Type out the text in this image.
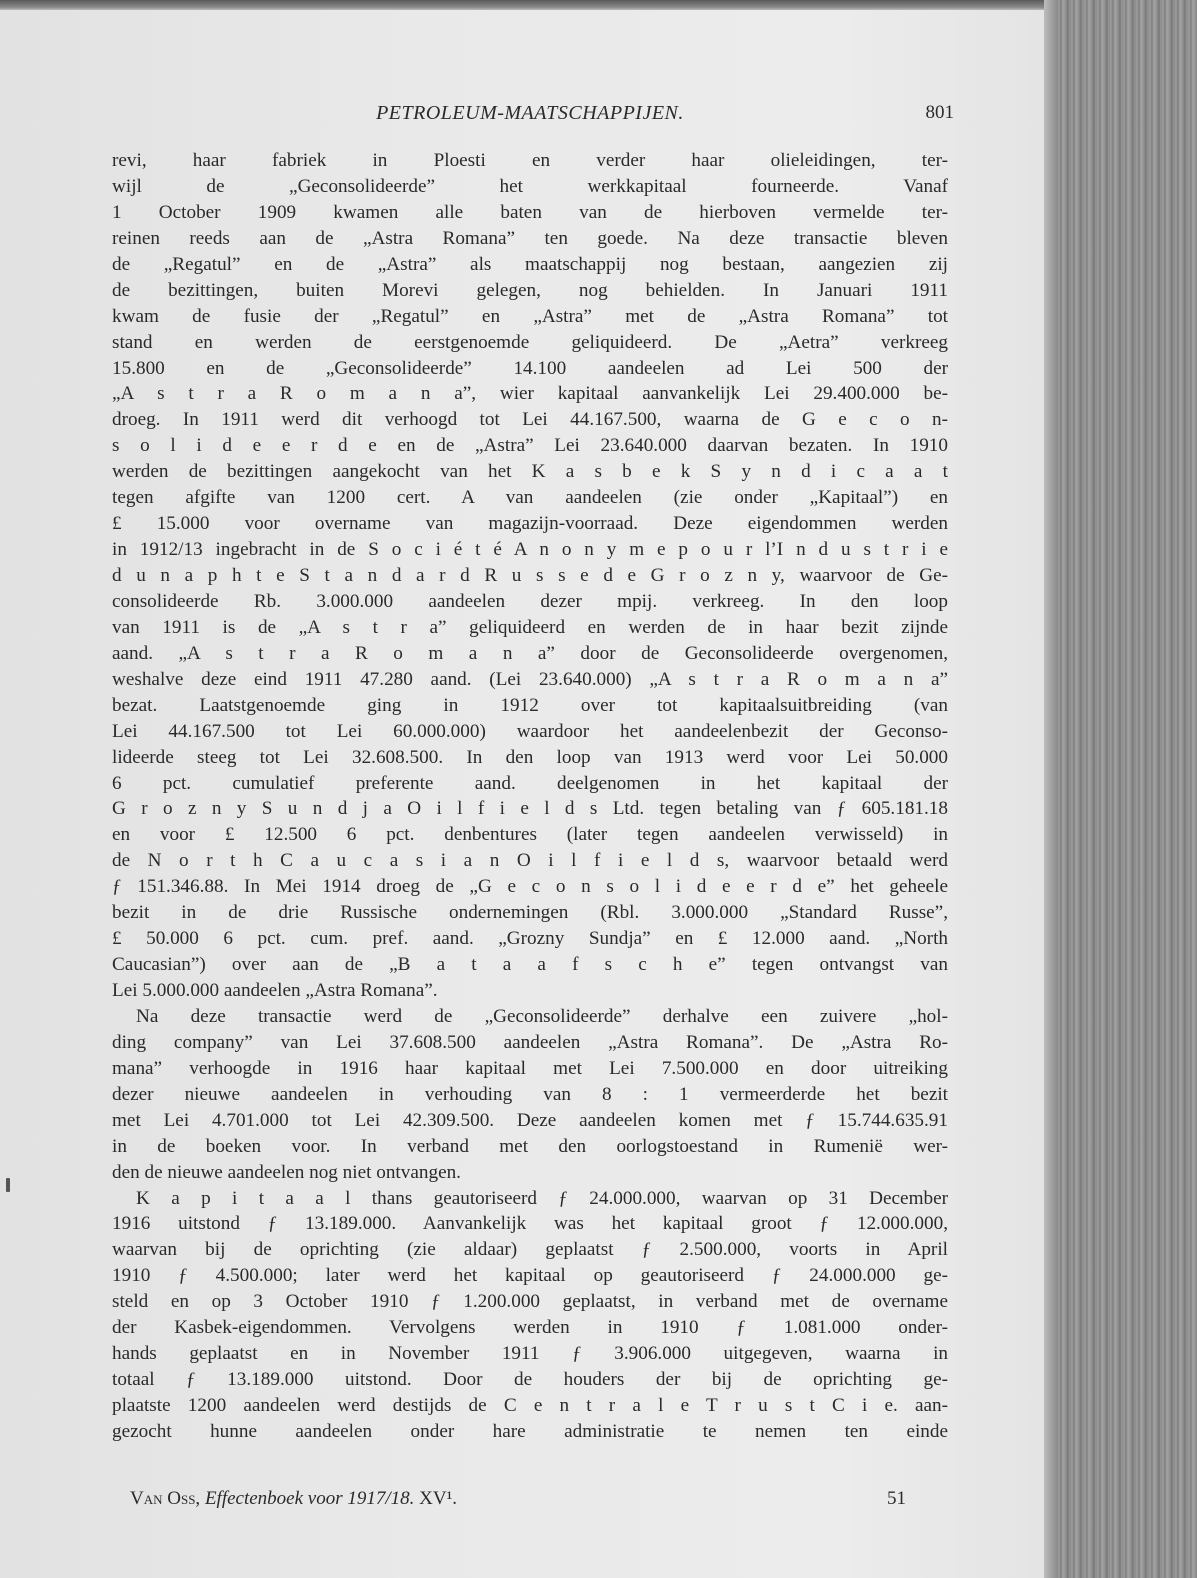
PETROLEUM-MAATSCHAPPIJEN.	801
revi, haar fabriek in Ploesti en verder haar olieleidingen, ter-
wijl de „Geconsolideerde” het werkkapitaal fourneerde. Vanaf
1 October 1909 kwamen alle baten van de hierboven vermelde ter-
reinen reeds aan de „Astra Romana” ten goede. Na deze transactie bleven
de „Regatul” en de „Astra” als maatschappij nog bestaan, aangezien zij
de bezittingen, buiten Morevi gelegen, nog behielden. In Januari 1911
kwam de fusie der „Regatul” en „Astra” met de „Astra Romana” tot
stand en werden de eerstgenoemde geliquideerd. De „Aetra” verkreeg
15.800 en de „Geconsolideerde” 14.100 aandeelen ad Lei 500 der
„A s t r a R o m a n a”, wier kapitaal aanvankelijk Lei 29.400.000 be-
droeg. In 1911 werd dit verhoogd tot Lei 44.167.500, waarna de G e c o n-
s o l i d e e r d e en de „Astra” Lei 23.640.000 daarvan bezaten. In 1910
werden de bezittingen aangekocht van het K a s b e k S y n d i c a a t
tegen afgifte van 1200 cert. A van aandeelen (zie onder „Kapitaal”) en
£ 15.000 voor overname van magazijn-voorraad. Deze eigendommen werden
in 1912/13 ingebracht in de S o c i é t é A n o n y m e p o u r l’I n d u s t r i e
d u n a p h t e S t a n d a r d R u s s e d e G r o z n y, waarvoor de Ge-
consolideerde Rb. 3.000.000 aandeelen dezer mpij. verkreeg. In den loop
van 1911 is de „A s t r a” geliquideerd en werden de in haar bezit zijnde
aand. „A s t r a R o m a n a” door de Geconsolideerde overgenomen,
weshalve deze eind 1911 47.280 aand. (Lei 23.640.000) „A s t r a R o m a n a”
bezat. Laatstgenoemde ging in 1912 over tot kapitaalsuitbreiding (van
Lei 44.167.500 tot Lei 60.000.000) waardoor het aandeelenbezit der Geconso-
lideerde steeg tot Lei 32.608.500. In den loop van 1913 werd voor Lei 50.000
6 pct. cumulatief preferente aand. deelgenomen in het kapitaal der
G r o z n y S u n d j a O i l f i e l d s Ltd. tegen betaling van ƒ 605.181.18
en voor £ 12.500 6 pct. denbentures (later tegen aandeelen verwisseld) in
de N o r t h C a u c a s i a n O i l f i e l d s, waarvoor betaald werd
ƒ 151.346.88. In Mei 1914 droeg de „G e c o n s o l i d e e r d e” het geheele
bezit in de drie Russische ondernemingen (Rbl. 3.000.000 „Standard Russe”,
£ 50.000 6 pct. cum. pref. aand. „Grozny Sundja” en £ 12.000 aand. „North
Caucasian”) over aan de „B a t a a f s c h e” tegen ontvangst van
Lei 5.000.000 aandeelen „Astra Romana”.
Na deze transactie werd de „Geconsolideerde” derhalve een zuivere „hol-
ding company” van Lei 37.608.500 aandeelen „Astra Romana”. De „Astra Ro-
mana” verhoogde in 1916 haar kapitaal met Lei 7.500.000 en door uitreiking
dezer nieuwe aandeelen in verhouding van 8 : 1 vermeerderde het bezit
met Lei 4.701.000 tot Lei 42.309.500. Deze aandeelen komen met ƒ 15.744.635.91
in de boeken voor. In verband met den oorlogstoestand in Rumenië wer-
den de nieuwe aandeelen nog niet ontvangen.
K a p i t a a l thans geautoriseerd ƒ 24.000.000, waarvan op 31 December
1916 uitstond ƒ 13.189.000. Aanvankelijk was het kapitaal groot ƒ 12.000.000,
waarvan bij de oprichting (zie aldaar) geplaatst ƒ 2.500.000, voorts in April
1910 ƒ 4.500.000; later werd het kapitaal op geautoriseerd ƒ 24.000.000 ge-
steld en op 3 October 1910 ƒ 1.200.000 geplaatst, in verband met de overname
der Kasbek-eigendommen. Vervolgens werden in 1910 ƒ 1.081.000 onder-
hands geplaatst en in November 1911 ƒ 3.906.000 uitgegeven, waarna in
totaal ƒ 13.189.000 uitstond. Door de houders der bij de oprichting ge-
plaatste 1200 aandeelen werd destijds de C e n t r a l e T r u s t C i e. aan-
gezocht hunne aandeelen onder hare administratie te nemen ten einde
Van Oss, Effectenboek voor 1917/18. XV¹.	51
